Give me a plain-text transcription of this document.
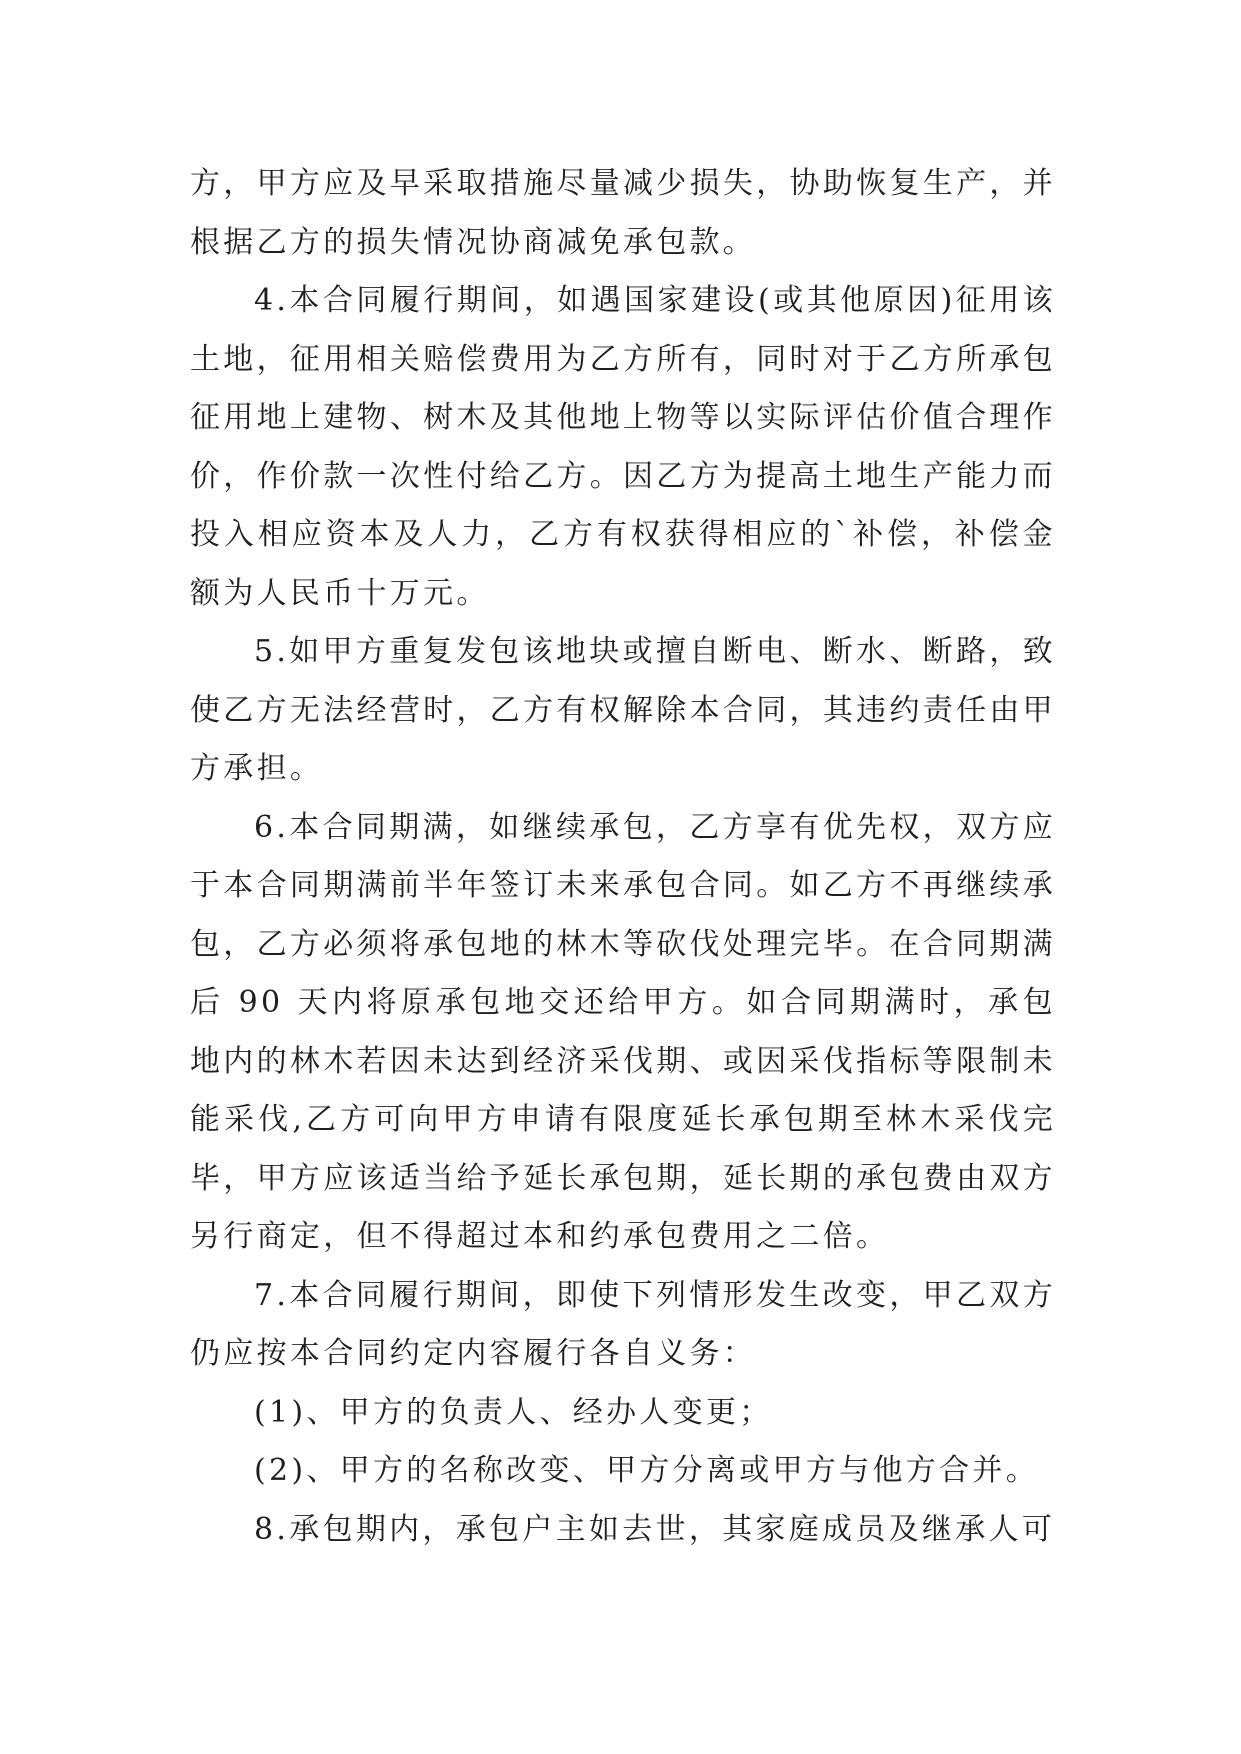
方，甲方应及早采取措施尽量减少损失，协助恢复生产，并根据乙方的损失情况协商减免承包款。

4.本合同履行期间，如遇国家建设(或其他原因)征用该土地，征用相关赔偿费用为乙方所有，同时对于乙方所承包征用地上建物、树木及其他地上物等以实际评估价值合理作价，作价款一次性付给乙方。因乙方为提高土地生产能力而投入相应资本及人力，乙方有权获得相应的`补偿，补偿金额为人民币十万元。

5.如甲方重复发包该地块或擅自断电、断水、断路，致使乙方无法经营时，乙方有权解除本合同，其违约责任由甲方承担。

6.本合同期满，如继续承包，乙方享有优先权，双方应于本合同期满前半年签订未来承包合同。如乙方不再继续承包，乙方必须将承包地的林木等砍伐处理完毕。在合同期满后 90 天内将原承包地交还给甲方。如合同期满时，承包地内的林木若因未达到经济采伐期、或因采伐指标等限制未能采伐,乙方可向甲方申请有限度延长承包期至林木采伐完毕，甲方应该适当给予延长承包期，延长期的承包费由双方另行商定，但不得超过本和约承包费用之二倍。

7.本合同履行期间，即使下列情形发生改变，甲乙双方仍应按本合同约定内容履行各自义务：

(1)、甲方的负责人、经办人变更；

(2)、甲方的名称改变、甲方分离或甲方与他方合并。

8.承包期内，承包户主如去世，其家庭成员及继承人可
